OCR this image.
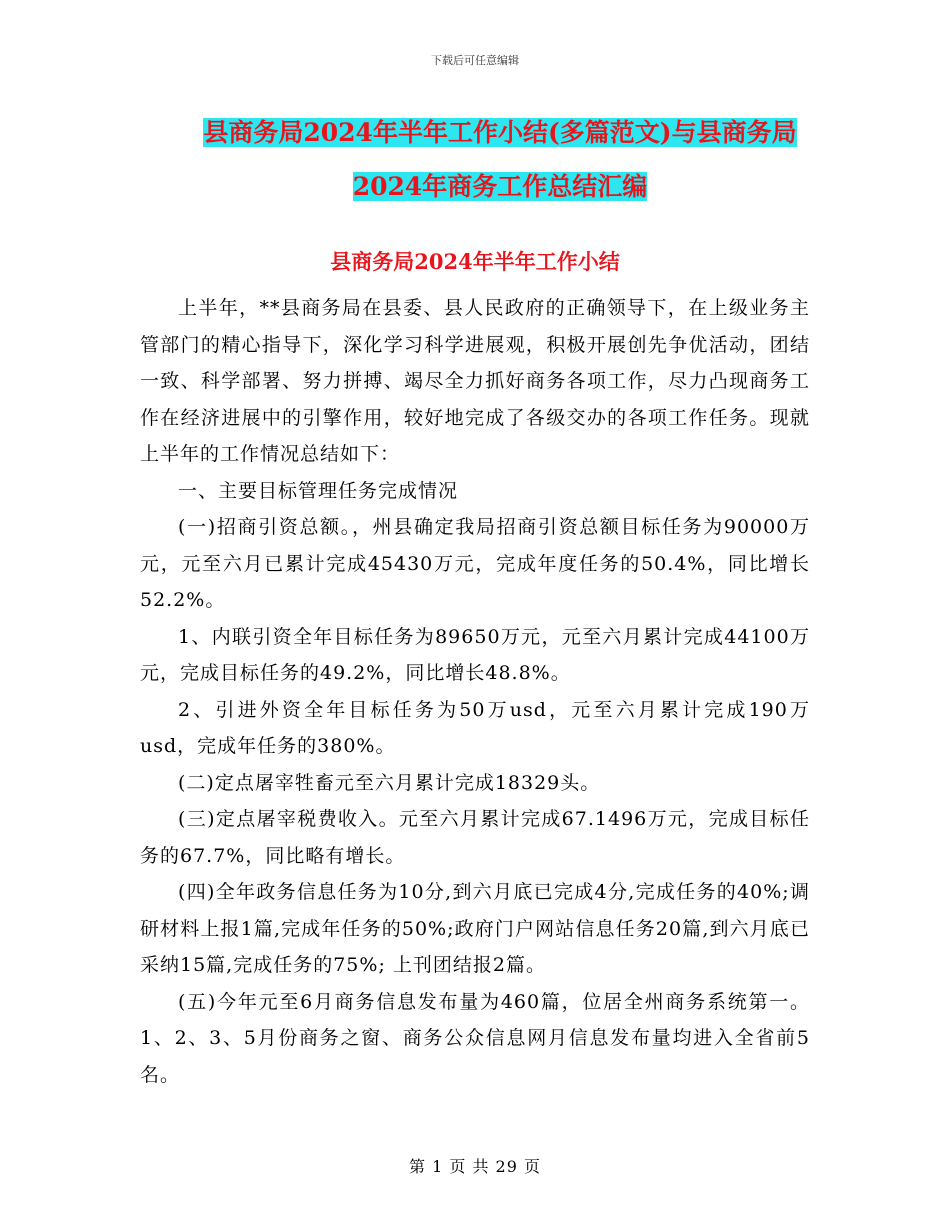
下载后可任意编辑
县商务局2024年半年工作小结(多篇范文)与县商务局
2024年商务工作总结汇编
县商务局2024年半年工作小结

上半年，**县商务局在县委、县人民政府的正确领导下，在上级业务主管部门的精心指导下，深化学习科学进展观，积极开展创先争优活动，团结一致、科学部署、努力拼搏、竭尽全力抓好商务各项工作，尽力凸现商务工作在经济进展中的引擎作用，较好地完成了各级交办的各项工作任务。现就上半年的工作情况总结如下：

一、主要目标管理任务完成情况

(一)招商引资总额。，州县确定我局招商引资总额目标任务为90000万元，元至六月已累计完成45430万元，完成年度任务的50.4%，同比增长52.2%。

1、内联引资全年目标任务为89650万元，元至六月累计完成44100万元，完成目标任务的49.2%，同比增长48.8%。

2、引进外资全年目标任务为50万usd，元至六月累计完成190万usd，完成年任务的380%。

(二)定点屠宰牲畜元至六月累计完成18329头。

(三)定点屠宰税费收入。元至六月累计完成67.1496万元，完成目标任务的67.7%，同比略有增长。

(四)全年政务信息任务为10分,到六月底已完成4分,完成任务的40%;调研材料上报1篇,完成年任务的50%;政府门户网站信息任务20篇,到六月底已采纳15篇,完成任务的75%; 上刊团结报2篇。

(五)今年元至6月商务信息发布量为460篇，位居全州商务系统第一。1、2、3、5月份商务之窗、商务公众信息网月信息发布量均进入全省前5名。

第 1 页 共 29 页
